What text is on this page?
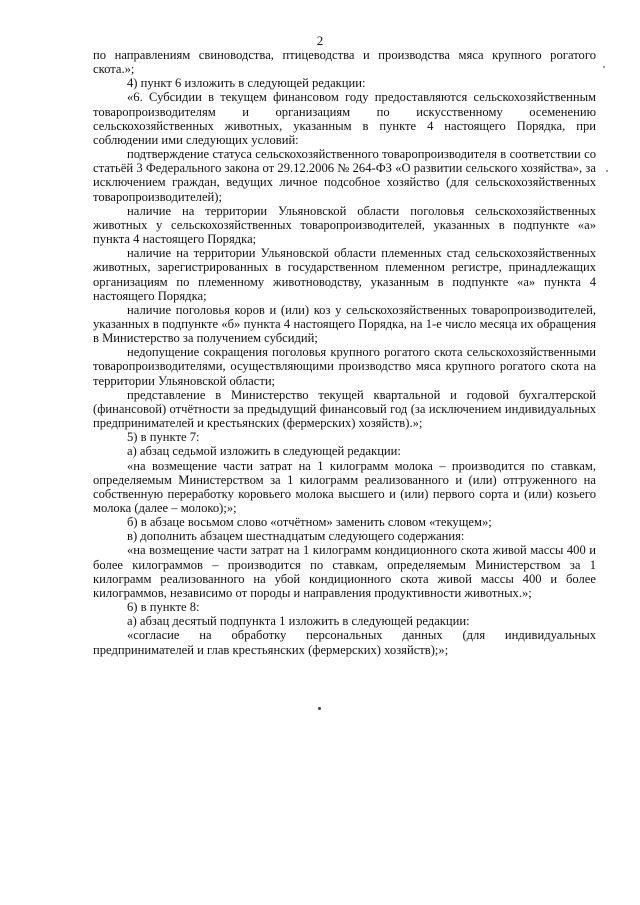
2

по направлениям свиноводства, птицеводства и производства мяса крупного рогатого скота.»;

4) пункт 6 изложить в следующей редакции:

«6. Субсидии в текущем финансовом году предоставляются сельскохозяйственным товаропроизводителям и организациям по искусственному осеменению сельскохозяйственных животных, указанным в пункте 4 настоящего Порядка, при соблюдении ими следующих условий:

подтверждение статуса сельскохозяйственного товаропроизводителя в соответствии со статьёй 3 Федерального закона от 29.12.2006 № 264-ФЗ «О развитии сельского хозяйства», за исключением граждан, ведущих личное подсобное хозяйство (для сельскохозяйственных товаропроизводителей);

наличие на территории Ульяновской области поголовья сельскохозяйственных животных у сельскохозяйственных товаропроизводителей, указанных в подпункте «а» пункта 4 настоящего Порядка;

наличие на территории Ульяновской области племенных стад сельскохозяйственных животных, зарегистрированных в государственном племенном регистре, принадлежащих организациям по племенному животноводству, указанным в подпункте «а» пункта 4 настоящего Порядка;

наличие поголовья коров и (или) коз у сельскохозяйственных товаропроизводителей, указанных в подпункте «б» пункта 4 настоящего Порядка, на 1-е число месяца их обращения в Министерство за получением субсидий;

недопущение сокращения поголовья крупного рогатого скота сельскохозяйственными товаропроизводителями, осуществляющими производство мяса крупного рогатого скота на территории Ульяновской области;

представление в Министерство текущей квартальной и годовой бухгалтерской (финансовой) отчётности за предыдущий финансовый год (за исключением индивидуальных предпринимателей и крестьянских (фермерских) хозяйств).»;

5) в пункте 7:

а) абзац седьмой изложить в следующей редакции:

«на возмещение части затрат на 1 килограмм молока – производится по ставкам, определяемым Министерством за 1 килограмм реализованного и (или) отгруженного на собственную переработку коровьего молока высшего и (или) первого сорта и (или) козьего молока (далее – молоко);»;

б) в абзаце восьмом слово «отчётном» заменить словом «текущем»;

в) дополнить абзацем шестнадцатым следующего содержания:

«на возмещение части затрат на 1 килограмм кондиционного скота живой массы 400 и более килограммов – производится по ставкам, определяемым Министерством за 1 килограмм реализованного на убой кондиционного скота живой массы 400 и более килограммов, независимо от породы и направления продуктивности животных.»;

6) в пункте 8:

а) абзац десятый подпункта 1 изложить в следующей редакции:

«согласие на обработку персональных данных (для индивидуальных предпринимателей и глав крестьянских (фермерских) хозяйств);»;
